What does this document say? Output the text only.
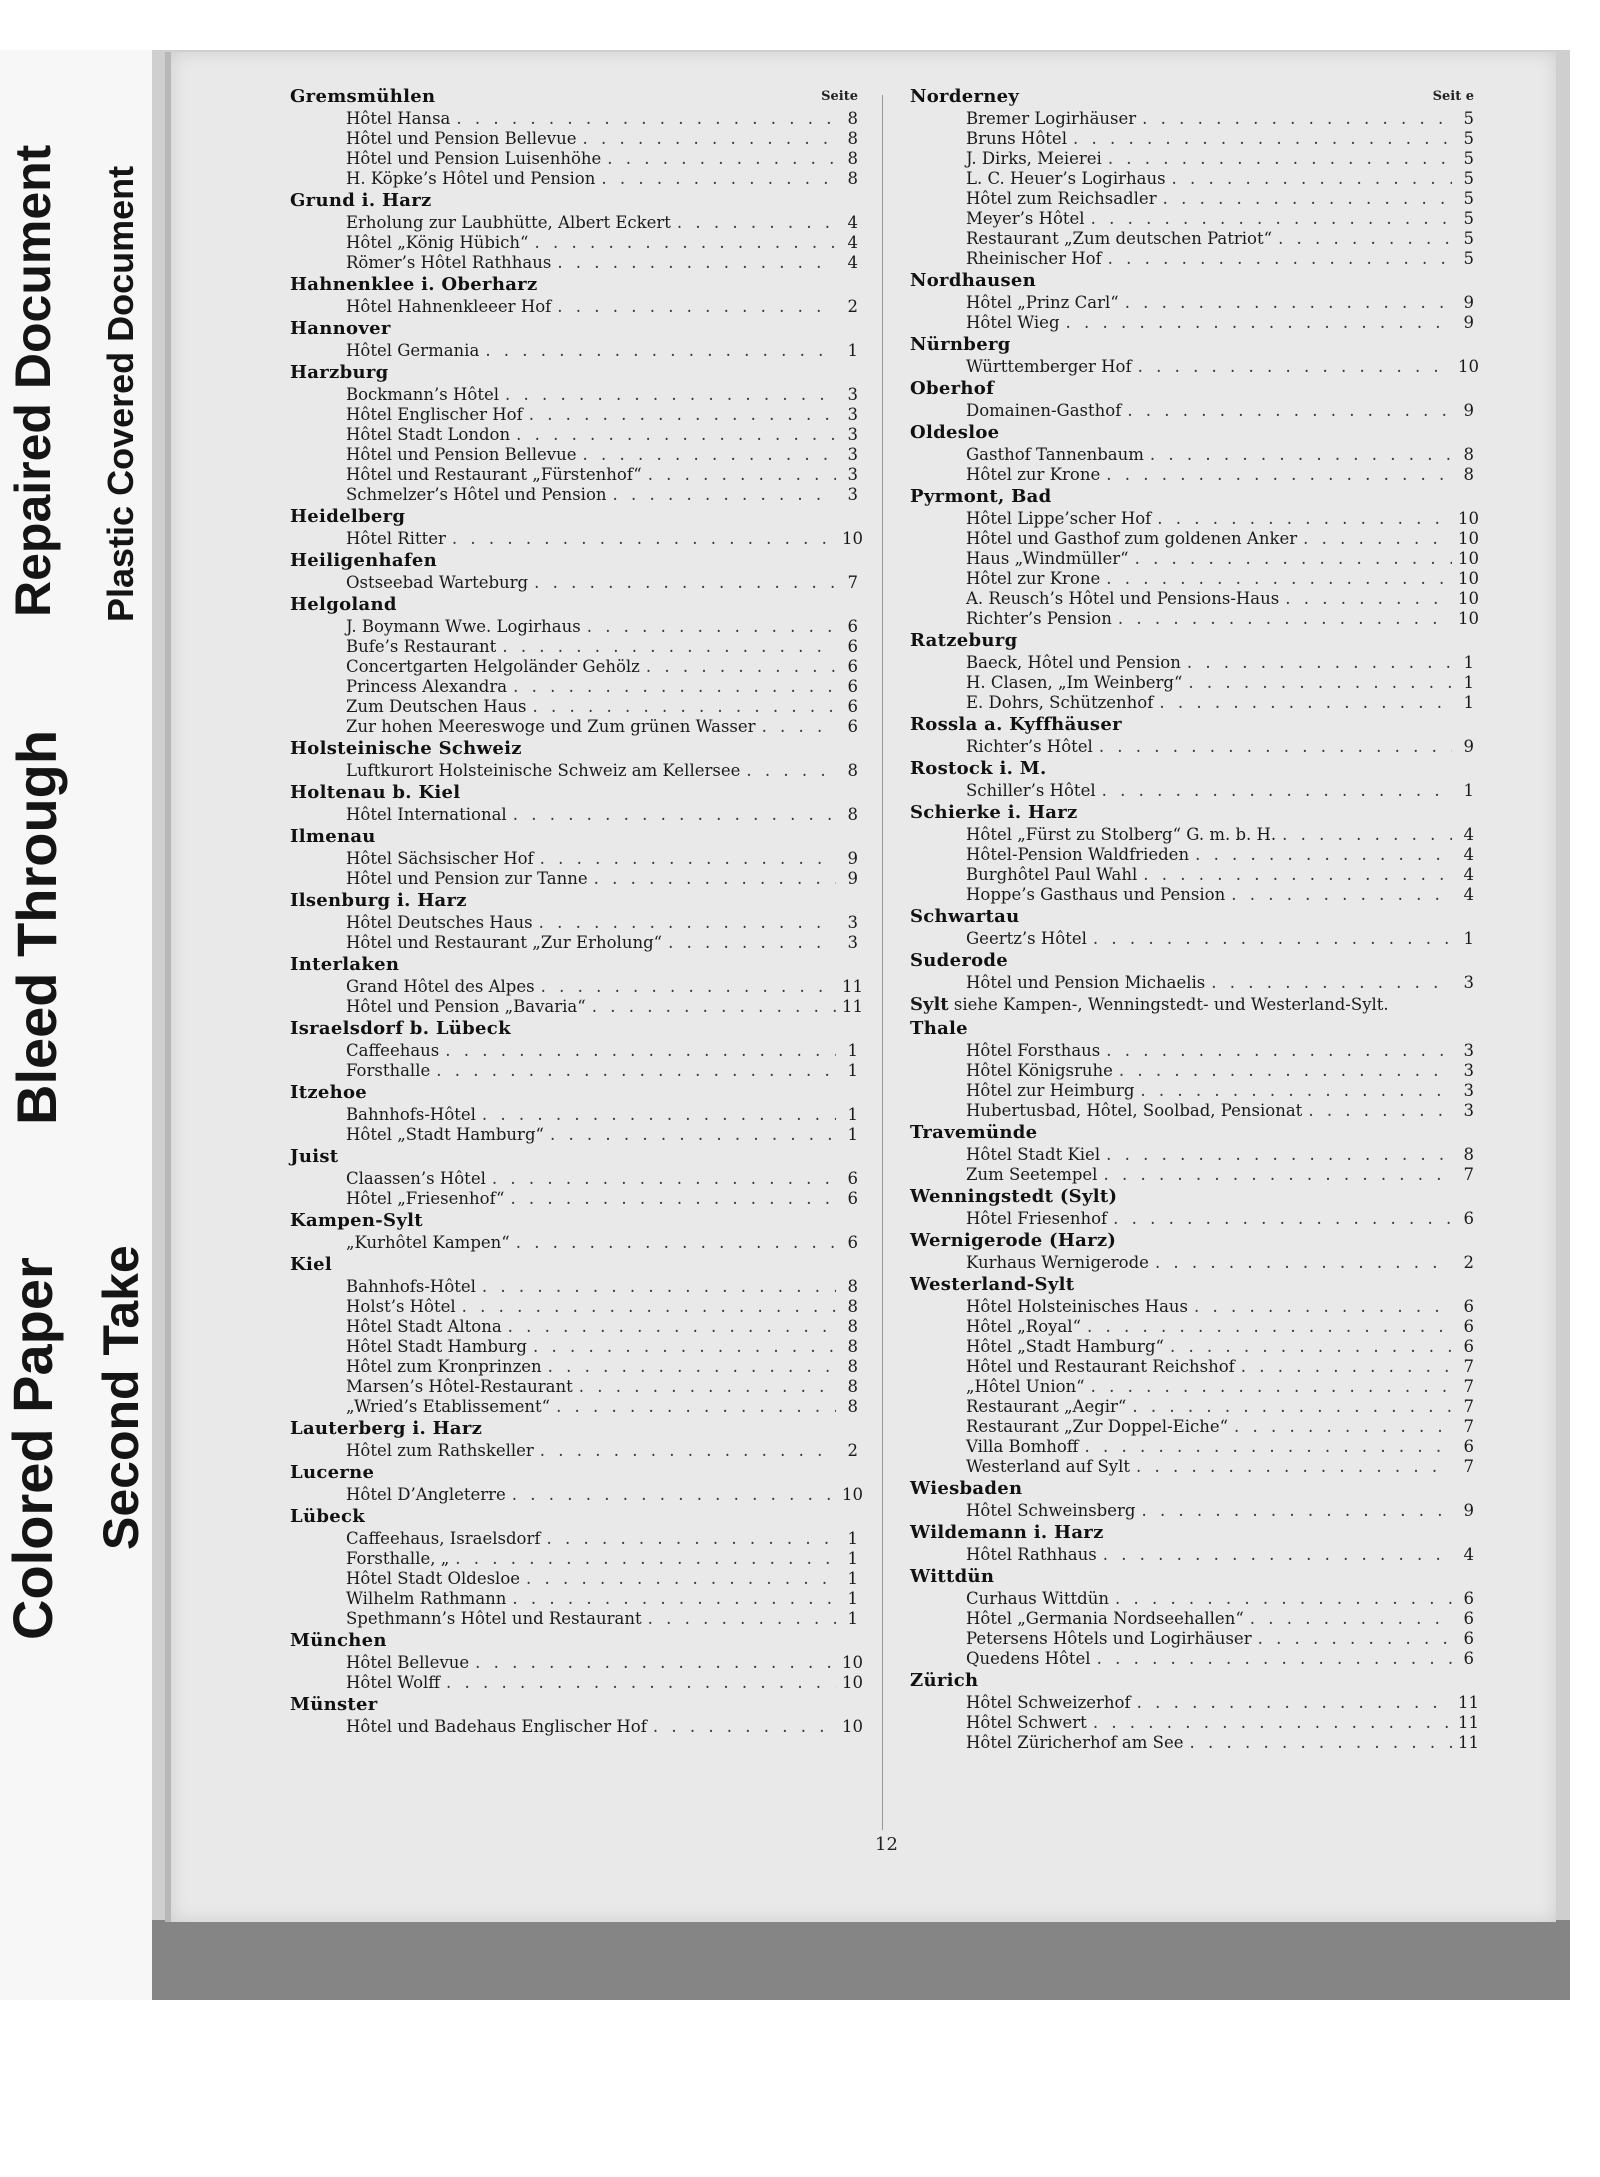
Colored Paper
Bleed Through
Repaired Document
Second Take
Plastic Covered Document
Seite
Gremsmühlen
Hôtel Hansa . . .	8
Hôtel und Pension Bellevue . . .	8
Hôtel und Pension Luisenhöhe . . .	8
H. Köpke’s Hôtel und Pension . . .	8
Grund i. Harz
Erholung zur Laubhütte, Albert Eckert . . .	4
Hôtel „König Hübich“ . . .	4
Römer’s Hôtel Rathhaus . . .	4
Hahnenklee i. Oberharz
Hôtel Hahnenkleeer Hof . . .	2
Hannover
Hôtel Germania . . .	1
Harzburg
Bockmann’s Hôtel . . .	3
Hôtel Englischer Hof . . .	3
Hôtel Stadt London . . .	3
Hôtel und Pension Bellevue . . .	3
Hôtel und Restaurant „Fürstenhof“ . . .	3
Schmelzer’s Hôtel und Pension . . .	3
Heidelberg
Hôtel Ritter . . .	10
Heiligenhafen
Ostseebad Warteburg . . .	7
Helgoland
J. Boymann Wwe. Logirhaus . . .	6
Bufe’s Restaurant . . .	6
Concertgarten Helgoländer Gehölz . . .	6
Princess Alexandra . . .	6
Zum Deutschen Haus . . .	6
Zur hohen Meereswoge und Zum grünen Wasser . . .	6
Holsteinische Schweiz
Luftkurort Holsteinische Schweiz am Kellersee . . .	8
Holtenau b. Kiel
Hôtel International . . .	8
Ilmenau
Hôtel Sächsischer Hof . . .	9
Hôtel und Pension zur Tanne . . .	9
Ilsenburg i. Harz
Hôtel Deutsches Haus . . .	3
Hôtel und Restaurant „Zur Erholung“ . . .	3
Interlaken
Grand Hôtel des Alpes . . .	11
Hôtel und Pension „Bavaria“ . . .	11
Israelsdorf b. Lübeck
Caffeehaus . . .	1
Forsthalle . . .	1
Itzehoe
Bahnhofs-Hôtel . . .	1
Hôtel „Stadt Hamburg“ . . .	1
Juist
Claassen’s Hôtel . . .	6
Hôtel „Friesenhof“ . . .	6
Kampen-Sylt
„Kurhôtel Kampen“ . . .	6
Kiel
Bahnhofs-Hôtel . . .	8
Holst’s Hôtel . . .	8
Hôtel Stadt Altona . . .	8
Hôtel Stadt Hamburg . . .	8
Hôtel zum Kronprinzen . . .	8
Marsen’s Hôtel-Restaurant . . .	8
„Wried’s Etablissement“ . . .	8
Lauterberg i. Harz
Hôtel zum Rathskeller . . .	2
Lucerne
Hôtel D’Angleterre . . .	10
Lübeck
Caffeehaus, Israelsdorf . . .	1
Forsthalle, „ . . .	1
Hôtel Stadt Oldesloe . . .	1
Wilhelm Rathmann . . .	1
Spethmann’s Hôtel und Restaurant . . .	1
München
Hôtel Bellevue . . .	10
Hôtel Wolff . . .	10
Münster
Hôtel und Badehaus Englischer Hof . . .	10
Seit e
Norderney
Bremer Logirhäuser . . .	5
Bruns Hôtel . . .	5
J. Dirks, Meierei . . .	5
L. C. Heuer’s Logirhaus . . .	5
Hôtel zum Reichsadler . . .	5
Meyer’s Hôtel . . .	5
Restaurant „Zum deutschen Patriot“ . . .	5
Rheinischer Hof . . .	5
Nordhausen
Hôtel „Prinz Carl“ . . .	9
Hôtel Wieg . . .	9
Nürnberg
Württemberger Hof . . .	10
Oberhof
Domainen-Gasthof . . .	9
Oldesloe
Gasthof Tannenbaum . . .	8
Hôtel zur Krone . . .	8
Pyrmont, Bad
Hôtel Lippe’scher Hof . . .	10
Hôtel und Gasthof zum goldenen Anker . . .	10
Haus „Windmüller“ . . .	10
Hôtel zur Krone . . .	10
A. Reusch’s Hôtel und Pensions-Haus . . .	10
Richter’s Pension . . .	10
Ratzeburg
Baeck, Hôtel und Pension . . .	1
H. Clasen, „Im Weinberg“ . . .	1
E. Dohrs, Schützenhof . . .	1
Rossla a. Kyffhäuser
Richter’s Hôtel . . .	9
Rostock i. M.
Schiller’s Hôtel . . .	1
Schierke i. Harz
Hôtel „Fürst zu Stolberg“ G. m. b. H. . . .	4
Hôtel-Pension Waldfrieden . . .	4
Burghôtel Paul Wahl . . .	4
Hoppe’s Gasthaus und Pension . . .	4
Schwartau
Geertz’s Hôtel . . .	1
Suderode
Hôtel und Pension Michaelis . . .	3
Sylt siehe Kampen-, Wenningstedt- und Westerland-Sylt.
Thale
Hôtel Forsthaus . . .	3
Hôtel Königsruhe . . .	3
Hôtel zur Heimburg . . .	3
Hubertusbad, Hôtel, Soolbad, Pensionat . . .	3
Travemünde
Hôtel Stadt Kiel . . .	8
Zum Seetempel . . .	7
Wenningstedt (Sylt)
Hôtel Friesenhof . . .	6
Wernigerode (Harz)
Kurhaus Wernigerode . . .	2
Westerland-Sylt
Hôtel Holsteinisches Haus . . .	6
Hôtel „Royal“ . . .	6
Hôtel „Stadt Hamburg“ . . .	6
Hôtel und Restaurant Reichshof . . .	7
„Hôtel Union“ . . .	7
Restaurant „Aegir“ . . .	7
Restaurant „Zur Doppel-Eiche“ . . .	7
Villa Bomhoff . . .	6
Westerland auf Sylt . . .	7
Wiesbaden
Hôtel Schweinsberg . . .	9
Wildemann i. Harz
Hôtel Rathhaus . . .	4
Wittdün
Curhaus Wittdün . . .	6
Hôtel „Germania Nordseehallen“ . . .	6
Petersens Hôtels und Logirhäuser . . .	6
Quedens Hôtel . . .	6
Zürich
Hôtel Schweizerhof . . .	11
Hôtel Schwert . . .	11
Hôtel Züricherhof am See . . .	11
12
